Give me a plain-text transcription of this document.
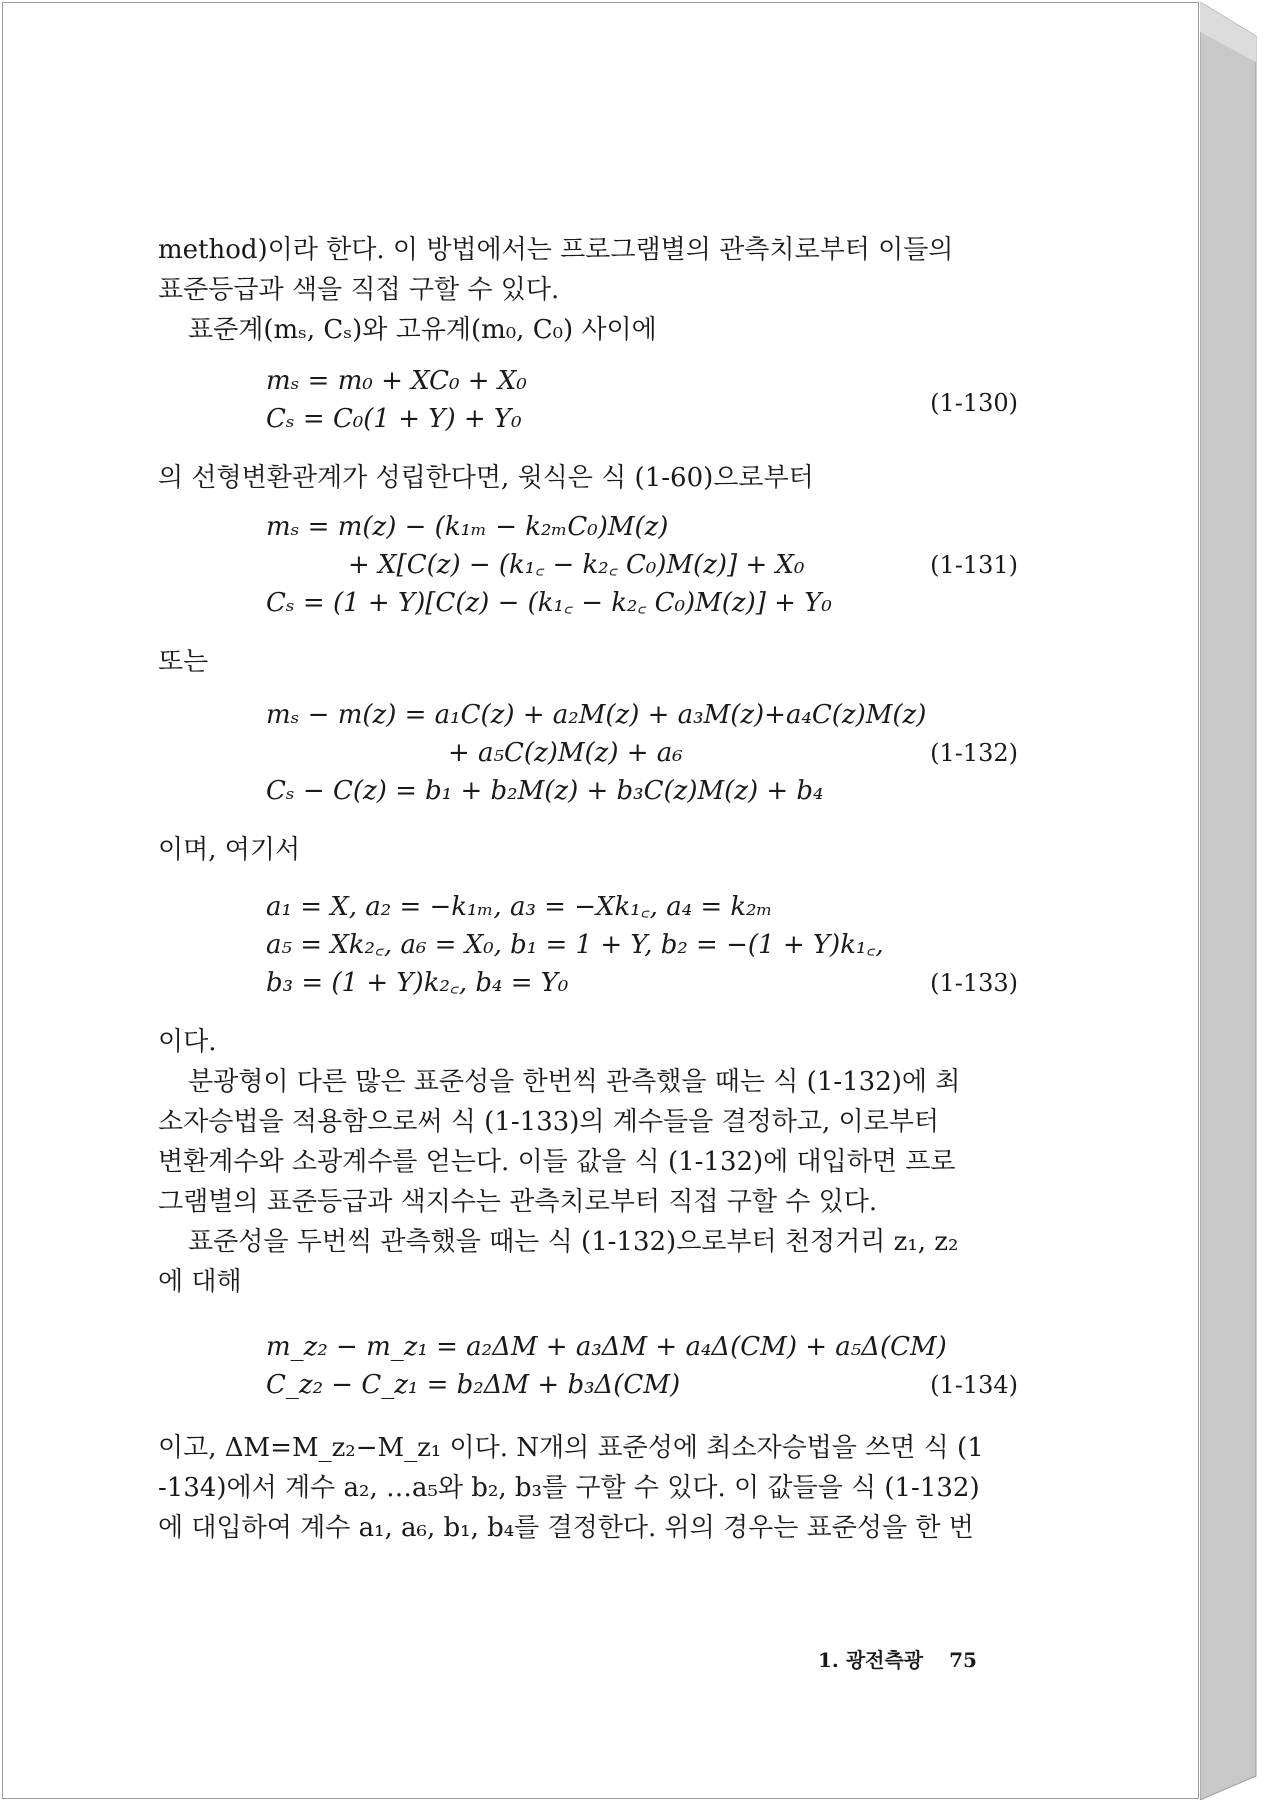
method)이라 한다. 이 방법에서는 프로그램별의 관측치로부터 이들의

표준등급과 색을 직접 구할 수 있다.

표준계(mₛ, Cₛ)와 고유계(m₀, C₀) 사이에

mₛ = m₀ + XC₀ + X₀
Cₛ = C₀(1 + Y) + Y₀
(1-130)

의 선형변환관계가 성립한다면, 윗식은 식 (1-60)으로부터

mₛ = m(z) − (k₁ₘ − k₂ₘC₀)M(z)
+ X[C(z) − (k₁꜀ − k₂꜀ C₀)M(z)] + X₀	(1-131)
Cₛ = (1 + Y)[C(z) − (k₁꜀ − k₂꜀ C₀)M(z)] + Y₀

또는

mₛ − m(z) = a₁C(z) + a₂M(z) + a₃M(z)+a₄C(z)M(z)
+ a₅C(z)M(z) + a₆	(1-132)
Cₛ − C(z) = b₁ + b₂M(z) + b₃C(z)M(z) + b₄

이며, 여기서

a₁ = X, a₂ = −k₁ₘ, a₃ = −Xk₁꜀, a₄ = k₂ₘ
a₅ = Xk₂꜀, a₆ = X₀, b₁ = 1 + Y, b₂ = −(1 + Y)k₁꜀,
b₃ = (1 + Y)k₂꜀, b₄ = Y₀	(1-133)

이다.

분광형이 다른 많은 표준성을 한번씩 관측했을 때는 식 (1-132)에 최

소자승법을 적용함으로써 식 (1-133)의 계수들을 결정하고, 이로부터

변환계수와 소광계수를 얻는다. 이들 값을 식 (1-132)에 대입하면 프로

그램별의 표준등급과 색지수는 관측치로부터 직접 구할 수 있다.

표준성을 두번씩 관측했을 때는 식 (1-132)으로부터 천정거리 z₁, z₂

에 대해

m_z₂ − m_z₁ = a₂ΔM + a₃ΔM + a₄Δ(CM) + a₅Δ(CM)
C_z₂ − C_z₁ = b₂ΔM + b₃Δ(CM)	(1-134)

이고, ΔM=M_z₂−M_z₁ 이다. N개의 표준성에 최소자승법을 쓰면 식 (1

-134)에서 계수 a₂, …a₅와 b₂, b₃를 구할 수 있다. 이 값들을 식 (1-132)

에 대입하여 계수 a₁, a₆, b₁, b₄를 결정한다. 위의 경우는 표준성을 한 번

1. 광전측광 75
